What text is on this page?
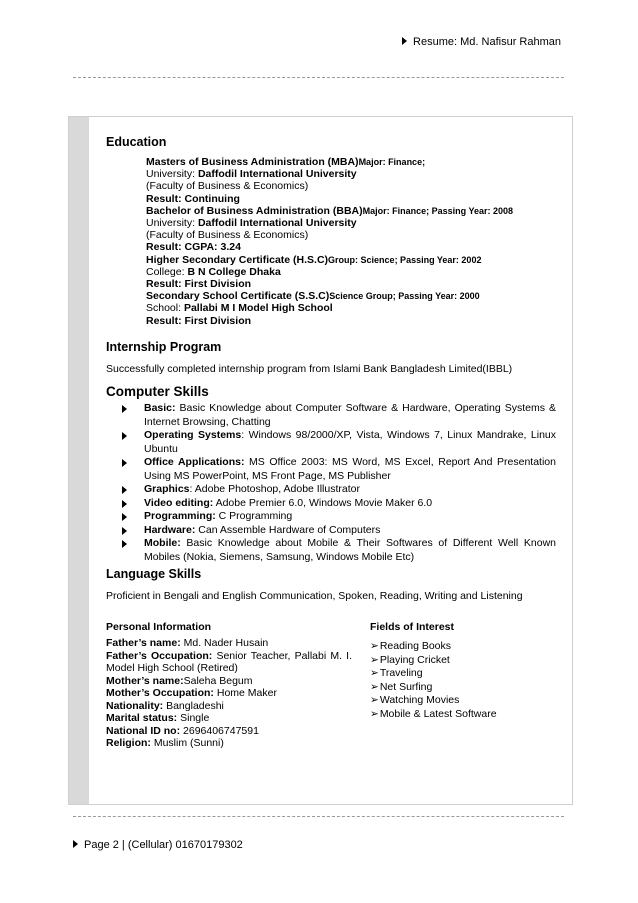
Resume: Md. Nafisur Rahman
Education
Masters of Business Administration (MBA)Major: Finance;
University: Daffodil International University
(Faculty of Business & Economics)
Result: Continuing
Bachelor of Business Administration (BBA)Major: Finance; Passing Year: 2008
University: Daffodil International University
(Faculty of Business & Economics)
Result: CGPA: 3.24
Higher Secondary Certificate (H.S.C)Group: Science; Passing Year: 2002
College: B N College Dhaka
Result: First Division
Secondary School Certificate (S.S.C)Science Group; Passing Year: 2000
School: Pallabi M I Model High School
Result: First Division
Internship Program
Successfully completed internship program from Islami Bank Bangladesh Limited(IBBL)
Computer Skills
Basic: Basic Knowledge about Computer Software & Hardware, Operating Systems & Internet Browsing, Chatting
Operating Systems: Windows 98/2000/XP, Vista, Windows 7, Linux Mandrake, Linux Ubuntu
Office Applications: MS Office 2003: MS Word, MS Excel, Report And Presentation Using MS PowerPoint, MS Front Page, MS Publisher
Graphics: Adobe Photoshop, Adobe Illustrator
Video editing: Adobe Premier 6.0, Windows Movie Maker 6.0
Programming: C Programming
Hardware: Can Assemble Hardware of Computers
Mobile: Basic Knowledge about Mobile & Their Softwares of Different Well Known Mobiles (Nokia, Siemens, Samsung, Windows Mobile Etc)
Language Skills
Proficient in Bengali and English Communication, Spoken, Reading, Writing and Listening
Personal Information
Father’s name: Md. Nader Husain
Father’s Occupation: Senior Teacher, Pallabi M. I. Model High School (Retired)
Mother’s name:Saleha Begum
Mother’s Occupation: Home Maker
Nationality: Bangladeshi
Marital status: Single
National ID no: 2696406747591
Religion: Muslim (Sunni)
Fields of Interest
➢Reading Books
➢Playing Cricket
➢Traveling
➢Net Surfing
➢Watching Movies
➢Mobile & Latest Software
Page 2 | (Cellular) 01670179302
